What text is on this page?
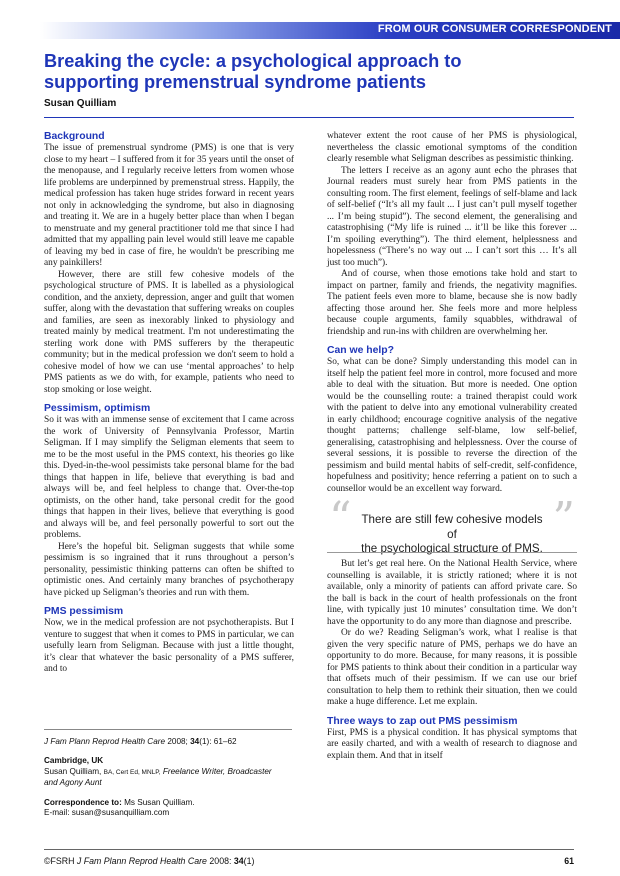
FROM OUR CONSUMER CORRESPONDENT
Breaking the cycle: a psychological approach to
supporting premenstrual syndrome patients
Susan Quilliam
Background

The issue of premenstrual syndrome (PMS) is one that is very close to my heart – I suffered from it for 35 years until the onset of the menopause, and I regularly receive letters from women whose life problems are underpinned by premenstrual stress. Happily, the medical profession has taken huge strides forward in recent years not only in acknowledging the syndrome, but also in diagnosing and treating it. We are in a hugely better place than when I began to menstruate and my general practitioner told me that since I had admitted that my appalling pain level would still leave me capable of leaving my bed in case of fire, he wouldn't be prescribing me any painkillers!

However, there are still few cohesive models of the psychological structure of PMS. It is labelled as a physiological condition, and the anxiety, depression, anger and guilt that women suffer, along with the devastation that suffering wreaks on couples and families, are seen as inexorably linked to physiology and treated mainly by medical treatment. I'm not underestimating the sterling work done with PMS sufferers by the therapeutic community; but in the medical profession we don't seem to hold a cohesive model of how we can use ‘mental approaches’ to help PMS patients as we do with, for example, patients who need to stop smoking or lose weight.

Pessimism, optimism

So it was with an immense sense of excitement that I came across the work of University of Pennsylvania Professor, Martin Seligman. If I may simplify the Seligman elements that seem to me to be the most useful in the PMS context, his theories go like this. Dyed-in-the-wool pessimists take personal blame for the bad things that happen in life, believe that everything is bad and always will be, and feel helpless to change that. Over-the-top optimists, on the other hand, take personal credit for the good things that happen in their lives, believe that everything is good and always will be, and feel personally powerful to sort out the problems.

Here’s the hopeful bit. Seligman suggests that while some pessimism is so ingrained that it runs throughout a person’s personality, pessimistic thinking patterns can often be shifted to optimistic ones. And certainly many branches of psychotherapy have picked up Seligman’s theories and run with them.

PMS pessimism

Now, we in the medical profession are not psychotherapists. But I venture to suggest that when it comes to PMS in particular, we can usefully learn from Seligman. Because with just a little thought, it’s clear that whatever the basic personality of a PMS sufferer, and to

whatever extent the root cause of her PMS is physiological, nevertheless the classic emotional symptoms of the condition clearly resemble what Seligman describes as pessimistic thinking.

The letters I receive as an agony aunt echo the phrases that Journal readers must surely hear from PMS patients in the consulting room. The first element, feelings of self-blame and lack of self-belief (“It’s all my fault ... I just can’t pull myself together ... I’m being stupid”). The second element, the generalising and catastrophising (“My life is ruined ... it’ll be like this forever ... I’m spoiling everything”). The third element, helplessness and hopelessness (“There’s no way out ... I can’t sort this … It’s all just too much”).

And of course, when those emotions take hold and start to impact on partner, family and friends, the negativity magnifies. The patient feels even more to blame, because she is now badly affecting those around her. She feels more and more helpless because couple arguments, family squabbles, withdrawal of friendship and run-ins with children are overwhelming her.

Can we help?

So, what can be done? Simply understanding this model can in itself help the patient feel more in control, more focused and more able to deal with the situation. But more is needed. One option would be the counselling route: a trained therapist could work with the patient to delve into any emotional vulnerability created in early childhood; encourage cognitive analysis of the negative thought patterns; challenge self-blame, low self-belief, generalising, catastrophising and helplessness. Over the course of several sessions, it is possible to reverse the direction of the pessimism and build mental habits of self-credit, self-confidence, hopefulness and positivity; hence referring a patient on to such a counsellor would be an excellent way forward.

“ There are still few cohesive models of
the psychological structure of PMS.
”

But let’s get real here. On the National Health Service, where counselling is available, it is strictly rationed; where it is not available, only a minority of patients can afford private care. So the ball is back in the court of health professionals on the front line, with typically just 10 minutes’ consultation time. We don’t have the opportunity to do any more than diagnose and prescribe.

Or do we? Reading Seligman’s work, what I realise is that given the very specific nature of PMS, perhaps we do have an opportunity to do more. Because, for many reasons, it is possible for PMS patients to think about their condition in a particular way that offsets much of their pessimism. If we can use our brief consultation to help them to rethink their situation, then we could make a huge difference. Let me explain.

Three ways to zap out PMS pessimism

First, PMS is a physical condition. It has physical symptoms that are easily charted, and with a wealth of research to diagnose and explain them. And that in itself

J Fam Plann Reprod Health Care 2008; 34(1): 61–62

Cambridge, UK

Susan Quilliam, BA, Cert Ed, MNLP, Freelance Writer, Broadcaster

and Agony Aunt

Correspondence to: Ms Susan Quilliam.

E-mail: susan@susanquilliam.com

©FSRH J Fam Plann Reprod Health Care 2008: 34(1)	61
